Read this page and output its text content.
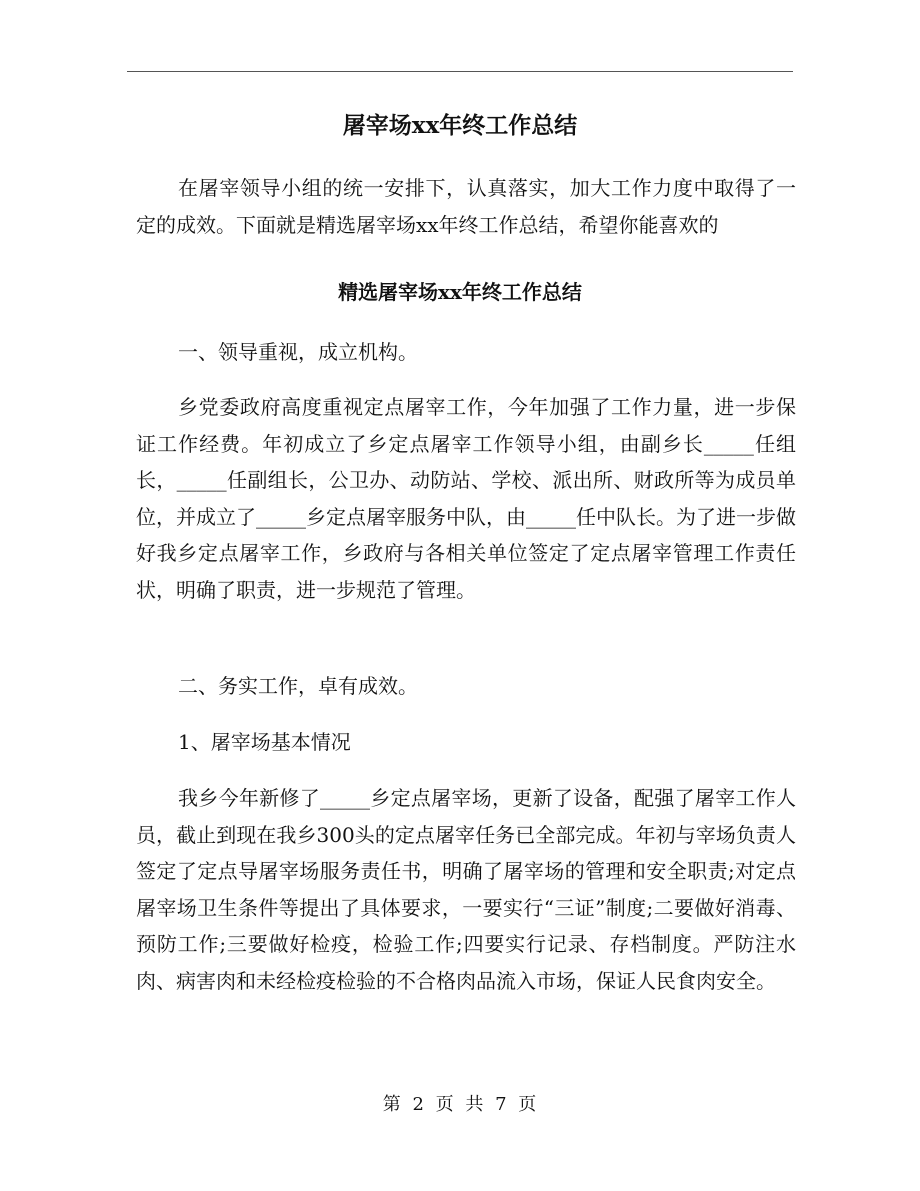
屠宰场xx年终工作总结

在屠宰领导小组的统一安排下，认真落实，加大工作力度中取得了一定的成效。下面就是精选屠宰场xx年终工作总结，希望你能喜欢的

精选屠宰场xx年终工作总结

一、领导重视，成立机构。

乡党委政府高度重视定点屠宰工作，今年加强了工作力量，进一步保证工作经费。年初成立了乡定点屠宰工作领导小组，由副乡长_____任组长，_____任副组长，公卫办、动防站、学校、派出所、财政所等为成员单位，并成立了_____乡定点屠宰服务中队，由_____任中队长。为了进一步做好我乡定点屠宰工作，乡政府与各相关单位签定了定点屠宰管理工作责任状，明确了职责，进一步规范了管理。

二、务实工作，卓有成效。

1、屠宰场基本情况

我乡今年新修了_____乡定点屠宰场，更新了设备，配强了屠宰工作人员，截止到现在我乡300头的定点屠宰任务已全部完成。年初与宰场负责人签定了定点导屠宰场服务责任书，明确了屠宰场的管理和安全职责;对定点屠宰场卫生条件等提出了具体要求，一要实行“三证”制度;二要做好消毒、预防工作;三要做好检疫，检验工作;四要实行记录、存档制度。严防注水肉、病害肉和未经检疫检验的不合格肉品流入市场，保证人民食肉安全。

第 2 页 共 7 页
